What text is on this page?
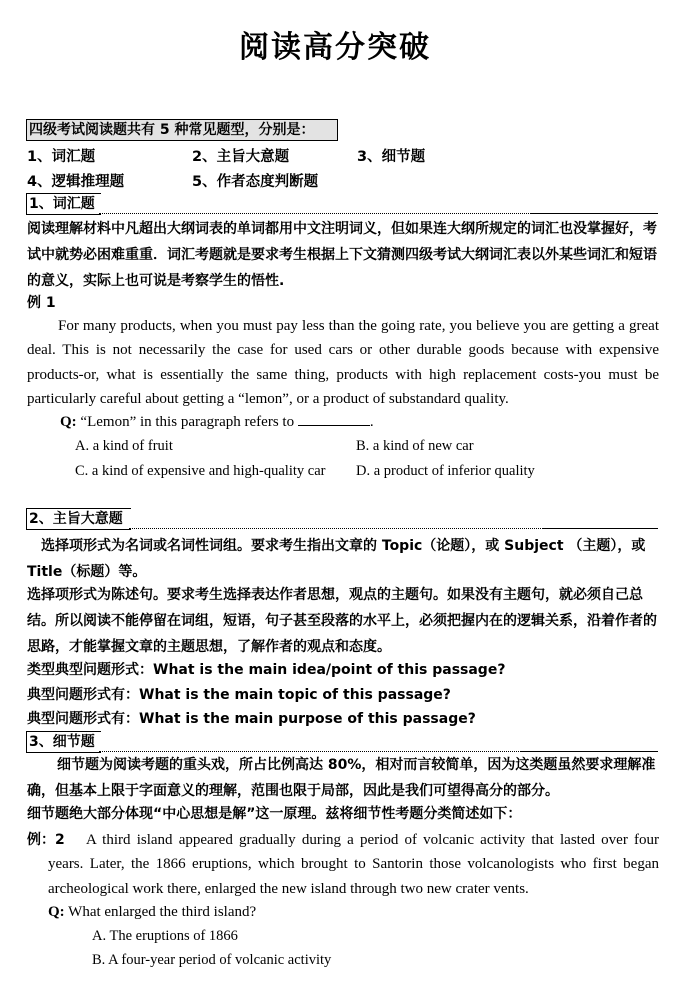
阅读高分突破
四级考试阅读题共有 5 种常见题型，分别是：
1、词汇题	2、主旨大意题	3、细节题
4、逻辑推理题	5、作者态度判断题
1、词汇题
阅读理解材料中凡超出大纲词表的单词都用中文注明词义，但如果连大纲所规定的词汇也没掌握好，考试中就势必困难重重．词汇考题就是要求考生根据上下文猜测四级考试大纲词汇表以外某些词汇和短语的意义，实际上也可说是考察学生的悟性.
例 1
For many products, when you must pay less than the going rate, you believe you are getting a great deal. This is not necessarily the case for used cars or other durable goods because with expensive products-or, what is essentially the same thing, products with high replacement costs-you must be particularly careful about getting a “lemon”, or a product of substandard quality.
Q: “Lemon” in this paragraph refers to	.
A. a kind of fruit	B. a kind of new car
C. a kind of expensive and high-quality car D. a product of inferior quality
2、主旨大意题
选择项形式为名词或名词性词组。要求考生指出文章的 Topic（论题），或 Subject （主题），或 Title（标题）等。
选择项形式为陈述句。要求考生选择表达作者思想，观点的主题句。如果没有主题句，就必须自己总结。所以阅读不能停留在词组，短语，句子甚至段落的水平上，必须把握内在的逻辑关系，沿着作者的思路，才能掌握文章的主题思想，了解作者的观点和态度。
类型典型问题形式：What is the main idea/point of this passage?
典型问题形式有：What is the main topic of this passage?
典型问题形式有：What is the main purpose of this passage?
3、细节题
细节题为阅读考题的重头戏，所占比例高达 80%，相对而言较简单，因为这类题虽然要求理解准确，但基本上限于字面意义的理解，范围也限于局部，因此是我们可望得高分的部分。
细节题绝大部分体现“中心思想是解”这一原理。兹将细节性考题分类简述如下：
例：2	A third island appeared gradually during a period of volcanic activity that lasted over four years. Later, the 1866 eruptions, which brought to Santorin those volcanologists who first began archeological work there, enlarged the new island through two new crater vents.
Q: What enlarged the third island?
A. The eruptions of 1866
B. A four-year period of volcanic activity
